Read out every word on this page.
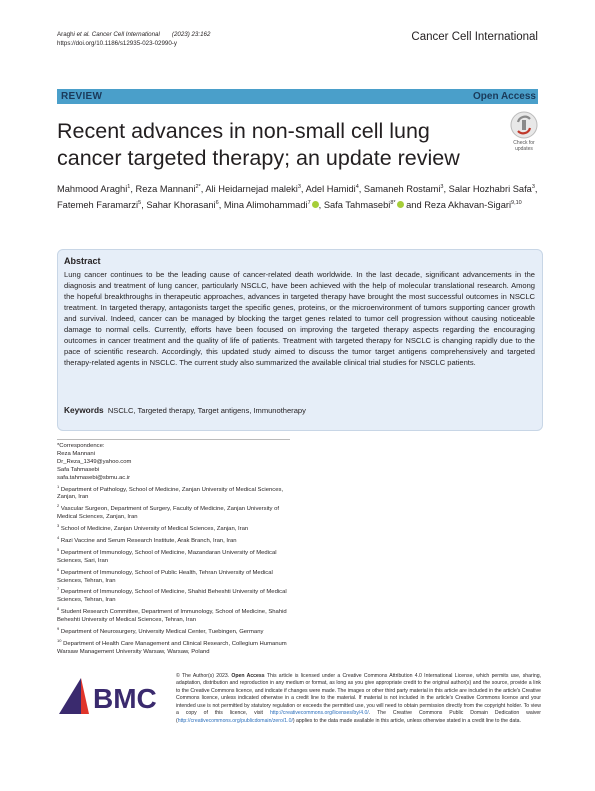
Araghi et al. Cancer Cell International (2023) 23:162
https://doi.org/10.1186/s12935-023-02990-y
Cancer Cell International
REVIEW	Open Access
Recent advances in non-small cell lung cancer targeted therapy; an update review
Check for updates
Mahmood Araghi$^1$, Reza Mannani$^{2*}$, Ali Heidarnejad maleki$^3$, Adel Hamidi$^4$, Samaneh Rostami$^3$, Salar Hozhabri Safa$^3$, Fatemeh Faramarzi$^5$, Sahar Khorasani$^6$, Mina Alimohammadi$^7$ , Safa Tahmasebi$^{8*}$ and Reza Akhavan-Sigari$^{9,10}$
Abstract
Lung cancer continues to be the leading cause of cancer-related death worldwide. In the last decade, significant advancements in the diagnosis and treatment of lung cancer, particularly NSCLC, have been achieved with the help of molecular translational research. Among the hopeful breakthroughs in therapeutic approaches, advances in targeted therapy have brought the most successful outcomes in NSCLC treatment. In targeted therapy, antagonists target the specific genes, proteins, or the microenvironment of tumors supporting cancer growth and survival. Indeed, cancer can be managed by blocking the target genes related to tumor cell progression without causing noticeable damage to normal cells. Currently, efforts have been focused on improving the targeted therapy aspects regarding the encouraging outcomes in cancer treatment and the quality of life of patients. Treatment with targeted therapy for NSCLC is changing rapidly due to the pace of scientific research. Accordingly, this updated study aimed to discuss the tumor target antigens comprehensively and targeted therapy-related agents in NSCLC. The current study also summarized the available clinical trial studies for NSCLC patients.
Keywords NSCLC, Targeted therapy, Target antigens, Immunotherapy

*Correspondence:

Reza Mannani

Dr_Reza_1349@yahoo.com

Safa Tahmasebi

safa.tahmasebi@sbmu.ac.ir

$^1$ Department of Pathology, School of Medicine, Zanjan University of Medical Sciences, Zanjan, Iran

$^2$ Vascular Surgeon, Department of Surgery, Faculty of Medicine, Zanjan University of Medical Sciences, Zanjan, Iran

$^3$ School of Medicine, Zanjan University of Medical Sciences, Zanjan, Iran

$^4$ Razi Vaccine and Serum Research Institute, Arak Branch, Iran, Iran

$^5$ Department of Immunology, School of Medicine, Mazandaran University of Medical Sciences, Sari, Iran

$^6$ Department of Immunology, School of Public Health, Tehran University of Medical Sciences, Tehran, Iran

$^7$ Department of Immunology, School of Medicine, Shahid Beheshti University of Medical Sciences, Tehran, Iran

$^8$ Student Research Committee, Department of Immunology, School of Medicine, Shahid Beheshti University of Medical Sciences, Tehran, Iran

$^9$ Department of Neurosurgery, University Medical Center, Tuebingen, Germany

$^{10}$ Department of Health Care Management and Clinical Research, Collegium Humanum Warsaw Management University Warsaw, Warsaw, Poland

BMC
© The Author(s) 2023. Open Access This article is licensed under a Creative Commons Attribution 4.0 International License, which permits use, sharing, adaptation, distribution and reproduction in any medium or format, as long as you give appropriate credit to the original author(s) and the source, provide a link to the Creative Commons licence, and indicate if changes were made. The images or other third party material in this article are included in the article's Creative Commons licence, unless indicated otherwise in a credit line to the material. If material is not included in the article's Creative Commons licence and your intended use is not permitted by statutory regulation or exceeds the permitted use, you will need to obtain permission directly from the copyright holder. To view a copy of this licence, visit http://creativecommons.org/licenses/by/4.0/. The Creative Commons Public Domain Dedication waiver (http://creativecommons.org/publicdomain/zero/1.0/) applies to the data made available in this article, unless otherwise stated in a credit line to the data.
